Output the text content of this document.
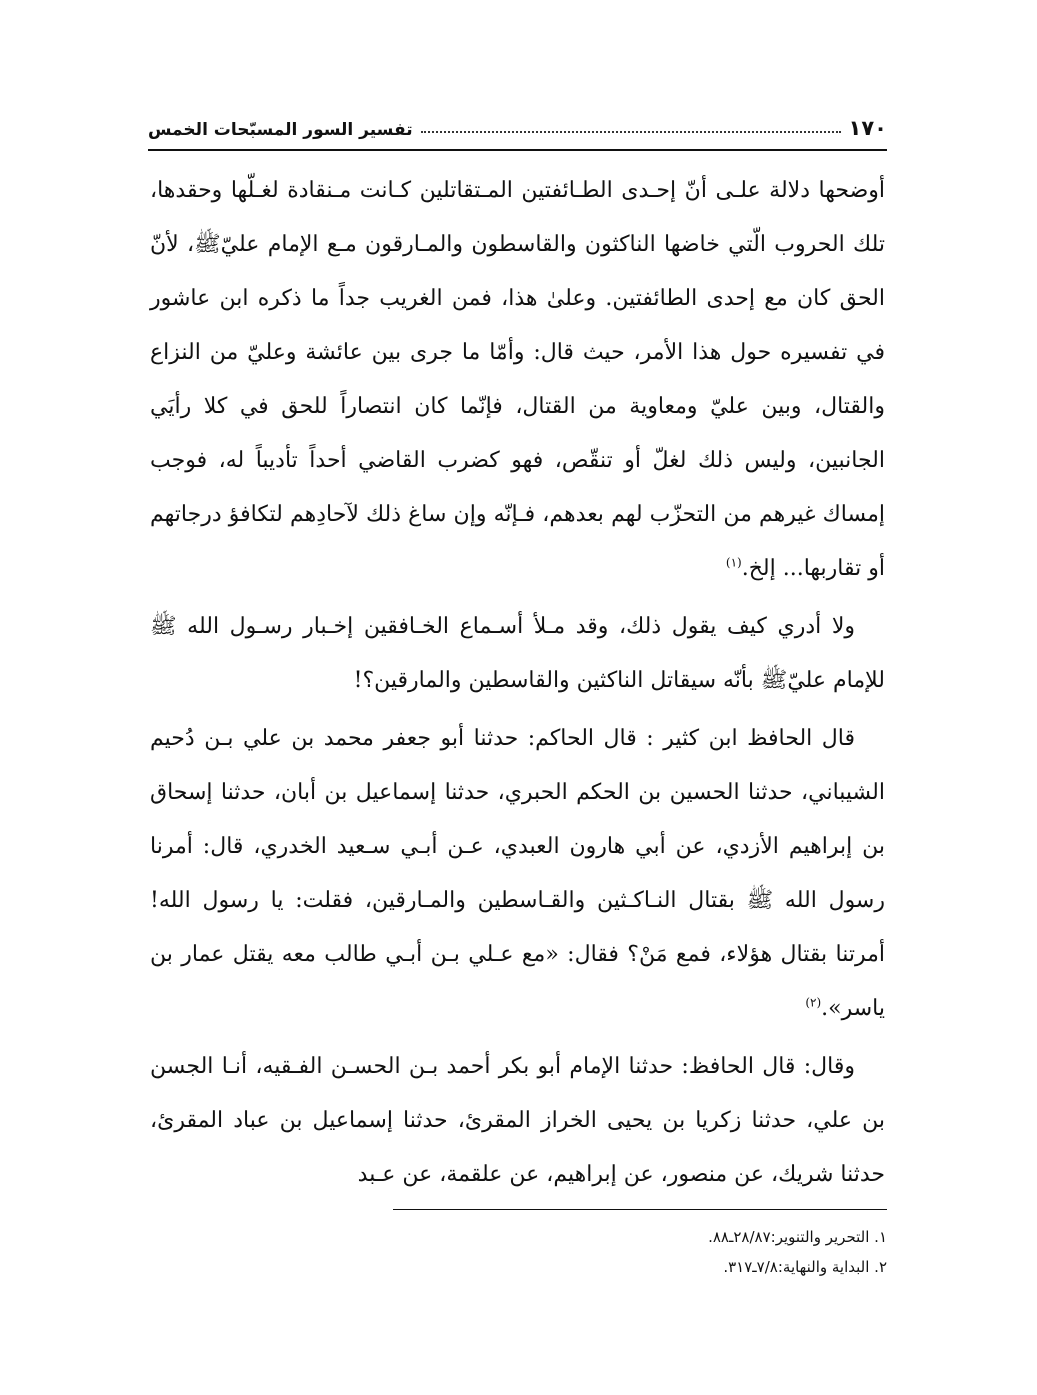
١٧٠
تفسير السور المسبّحات الخمس

أوضحها دلالة علـى أنّ إحـدى الطـائفتين المـتقاتلين كـانت مـنقادة لغـلّها وحقدها، تلك الحروب الّتي خاضها الناكثون والقاسطون والمـارقون مـع الإمام عليّﷺ، لأنّ الحق كان مع إحدى الطائفتين. وعلىٰ هذا، فمن الغريب جداً ما ذكره ابن عاشور في تفسيره حول هذا الأمر، حيث قال: وأمّا ما جرى بين عائشة وعليّ من النزاع والقتال، وبين عليّ ومعاوية من القتال، فإنّما كان انتصاراً للحق في كلا رأيَي الجانبين، وليس ذلك لغلّ أو تنقّص، فهو كضرب القاضي أحداً تأديباً له، فوجب إمساك غيرهم من التحزّب لهم بعدهم، فـإنّه وإن ساغ ذلك لآحادِهم لتكافؤ درجاتهم أو تقاربها... إلخ.$^{(١)}$

ولا أدري كيف يقول ذلك، وقد مـلأ أسـماع الخـافقين إخـبار رسـول الله ﷺ للإمام عليّﷺ بأنّه سيقاتل الناكثين والقاسطين والمارقين؟!

قال الحافظ ابن كثير : قال الحاكم: حدثنا أبو جعفر محمد بن علي بـن دُحيم الشيباني، حدثنا الحسين بن الحكم الحبري، حدثنا إسماعيل بن أبان، حدثنا إسحاق بن إبراهيم الأزدي، عن أبي هارون العبدي، عـن أبـي سـعيد الخدري، قال: أمرنا رسول الله ﷺ بقتال النـاكـثين والقـاسطين والمـارقين، فقلت: يا رسول الله! أمرتنا بقتال هؤلاء، فمع مَنْ؟ فقال: «مع عـلي بـن أبـي طالب معه يقتل عمار بن ياسر».$^{(٢)}$

وقال: قال الحافظ: حدثنا الإمام أبو بكر أحمد بـن الحسـن الفـقيه، أنـا الجسن بن علي، حدثنا زكريا بن يحيى الخراز المقرئ، حدثنا إسماعيل بن عباد المقرئ، حدثنا شريك، عن منصور، عن إبراهيم، عن علقمة، عن عـبد

١. التحرير والتنوير:٢٨/٨٧ـ٨٨.
٢. البداية والنهاية:٧/٨ـ٣١٧.
